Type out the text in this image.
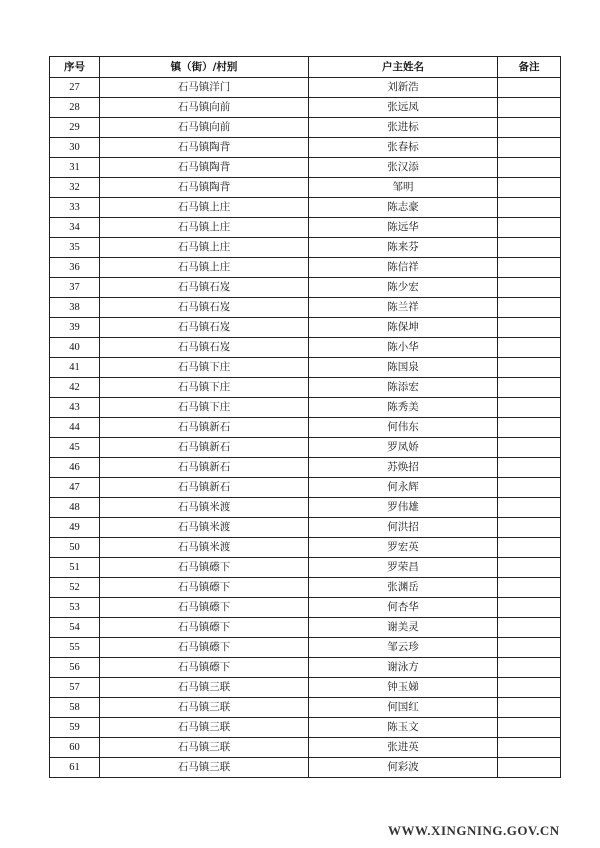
序号	镇（街）/村别	户主姓名	备注
27	石马镇洋门	刘新浩	
28	石马镇向前	张远凤	
29	石马镇向前	张进标	
30	石马镇陶背	张春标	
31	石马镇陶背	张汉添	
32	石马镇陶背	邹明	
33	石马镇上庄	陈志豪	
34	石马镇上庄	陈远华	
35	石马镇上庄	陈来芬	
36	石马镇上庄	陈信祥	
37	石马镇石岌	陈少宏	
38	石马镇石岌	陈兰祥	
39	石马镇石岌	陈保坤	
40	石马镇石岌	陈小华	
41	石马镇下庄	陈国泉	
42	石马镇下庄	陈添宏	
43	石马镇下庄	陈秀美	
44	石马镇新石	何伟东	
45	石马镇新石	罗凤娇	
46	石马镇新石	苏焕招	
47	石马镇新石	何永辉	
48	石马镇米渡	罗伟雄	
49	石马镇米渡	何洪招	
50	石马镇米渡	罗宏英	
51	石马镇礤下	罗荣昌	
52	石马镇礤下	张渊岳	
53	石马镇礤下	何杏华	
54	石马镇礤下	谢美灵	
55	石马镇礤下	邹云珍	
56	石马镇礤下	谢泳方	
57	石马镇三联	钟玉娣	
58	石马镇三联	何国红	
59	石马镇三联	陈玉文	
60	石马镇三联	张进英	
61	石马镇三联	何彩波	
WWW.XINGNING.GOV.CN
